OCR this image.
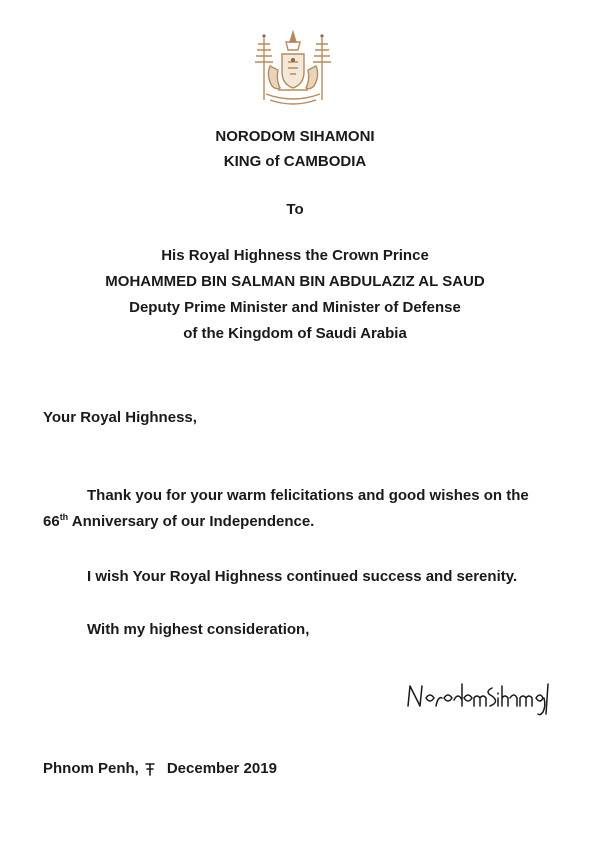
NORODOM SIHAMONI
KING of CAMBODIA
To
His Royal Highness the Crown Prince
MOHAMMED BIN SALMAN BIN ABDULAZIZ AL SAUD
Deputy Prime Minister and Minister of Defense
of the Kingdom of Saudi Arabia
Your Royal Highness,
Thank you for your warm felicitations and good wishes on the
66th Anniversary of our Independence.
I wish Your Royal Highness continued success and serenity.
With my highest consideration,
Phnom Penh, December 2019
